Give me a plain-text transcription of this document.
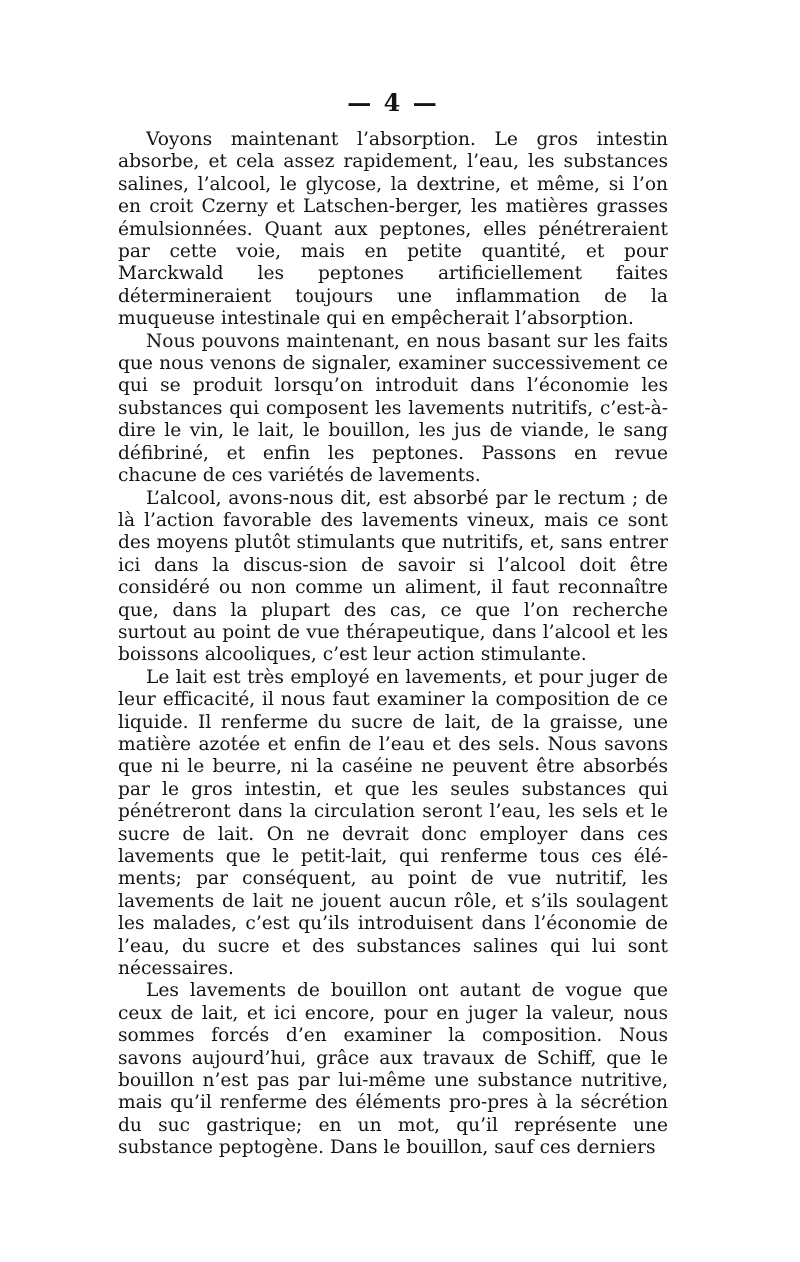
— 4 —

Voyons maintenant l’absorption. Le gros intestin absorbe, et cela assez rapidement, l’eau, les substances salines, l’alcool, le glycose, la dextrine, et même, si l’on en croit Czerny et Latschen-berger, les matières grasses émulsionnées. Quant aux peptones, elles pénétreraient par cette voie, mais en petite quantité, et pour Marckwald les peptones artificiellement faites détermineraient toujours une inflammation de la muqueuse intestinale qui en empêcherait l’absorption.

Nous pouvons maintenant, en nous basant sur les faits que nous venons de signaler, examiner successivement ce qui se produit lorsqu’on introduit dans l’économie les substances qui composent les lavements nutritifs, c’est-à-dire le vin, le lait, le bouillon, les jus de viande, le sang défibriné, et enfin les peptones. Passons en revue chacune de ces variétés de lavements.

L’alcool, avons-nous dit, est absorbé par le rectum ; de là l’action favorable des lavements vineux, mais ce sont des moyens plutôt stimulants que nutritifs, et, sans entrer ici dans la discus-sion de savoir si l’alcool doit être considéré ou non comme un aliment, il faut reconnaître que, dans la plupart des cas, ce que l’on recherche surtout au point de vue thérapeutique, dans l’alcool et les boissons alcooliques, c’est leur action stimulante.

Le lait est très employé en lavements, et pour juger de leur efficacité, il nous faut examiner la composition de ce liquide. Il renferme du sucre de lait, de la graisse, une matière azotée et enfin de l’eau et des sels. Nous savons que ni le beurre, ni la caséine ne peuvent être absorbés par le gros intestin, et que les seules substances qui pénétreront dans la circulation seront l’eau, les sels et le sucre de lait. On ne devrait donc employer dans ces lavements que le petit-lait, qui renferme tous ces élé-ments; par conséquent, au point de vue nutritif, les lavements de lait ne jouent aucun rôle, et s’ils soulagent les malades, c’est qu’ils introduisent dans l’économie de l’eau, du sucre et des substances salines qui lui sont nécessaires.

Les lavements de bouillon ont autant de vogue que ceux de lait, et ici encore, pour en juger la valeur, nous sommes forcés d’en examiner la composition. Nous savons aujourd’hui, grâce aux travaux de Schiff, que le bouillon n’est pas par lui-même une substance nutritive, mais qu’il renferme des éléments pro-pres à la sécrétion du suc gastrique; en un mot, qu’il représente une substance peptogène. Dans le bouillon, sauf ces derniers
